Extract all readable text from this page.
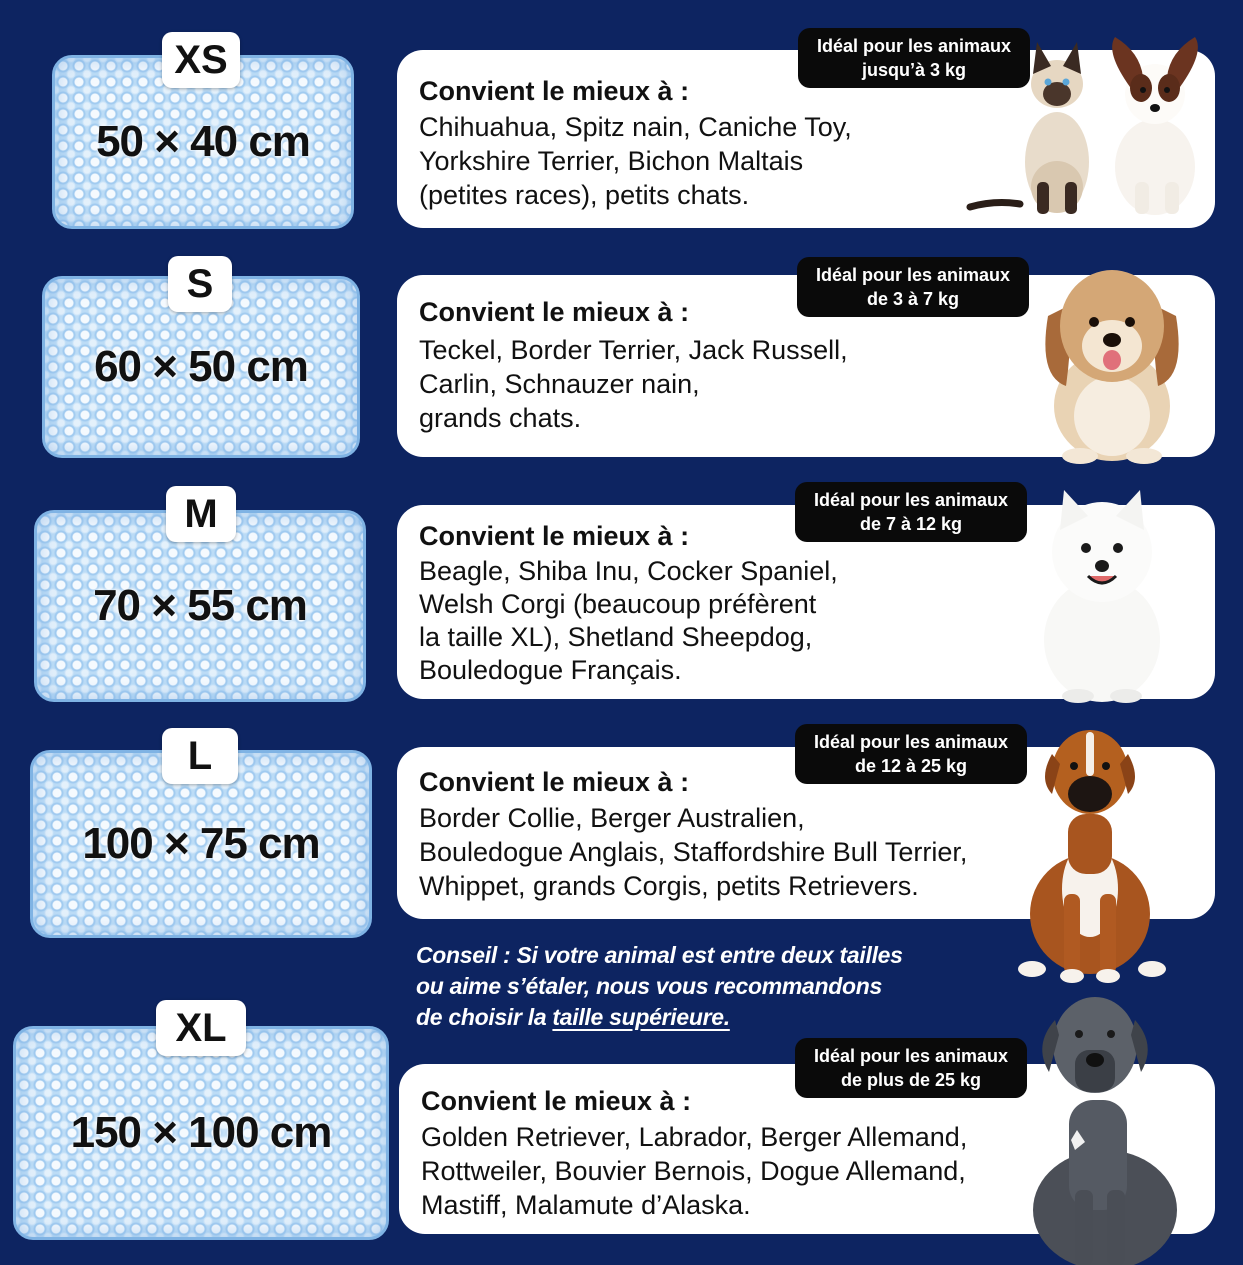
50 × 40 cm
XS
Convient le mieux à :
Chihuahua, Spitz nain, Caniche Toy,
Yorkshire Terrier, Bichon Maltais
(petites races), petits chats.
Idéal pour les animaux
jusqu’à 3 kg
60 × 50 cm
S
Convient le mieux à :
Teckel, Border Terrier, Jack Russell,
Carlin, Schnauzer nain,
grands chats.
Idéal pour les animaux
de 3 à 7 kg
70 × 55 cm
M
Convient le mieux à :
Beagle, Shiba Inu, Cocker Spaniel,
Welsh Corgi (beaucoup préfèrent
la taille XL), Shetland Sheepdog,
Bouledogue Français.
Idéal pour les animaux
de 7 à 12 kg
100 × 75 cm
L
Convient le mieux à :
Border Collie, Berger Australien,
Bouledogue Anglais, Staffordshire Bull Terrier,
Whippet, grands Corgis, petits Retrievers.
Idéal pour les animaux
de 12 à 25 kg
Conseil : Si votre animal est entre deux tailles
ou aime s’étaler, nous vous recommandons
de choisir la taille supérieure.
150 × 100 cm
XL
Convient le mieux à :
Golden Retriever, Labrador, Berger Allemand,
Rottweiler, Bouvier Bernois, Dogue Allemand,
Mastiff, Malamute d’Alaska.
Idéal pour les animaux
de plus de 25 kg
